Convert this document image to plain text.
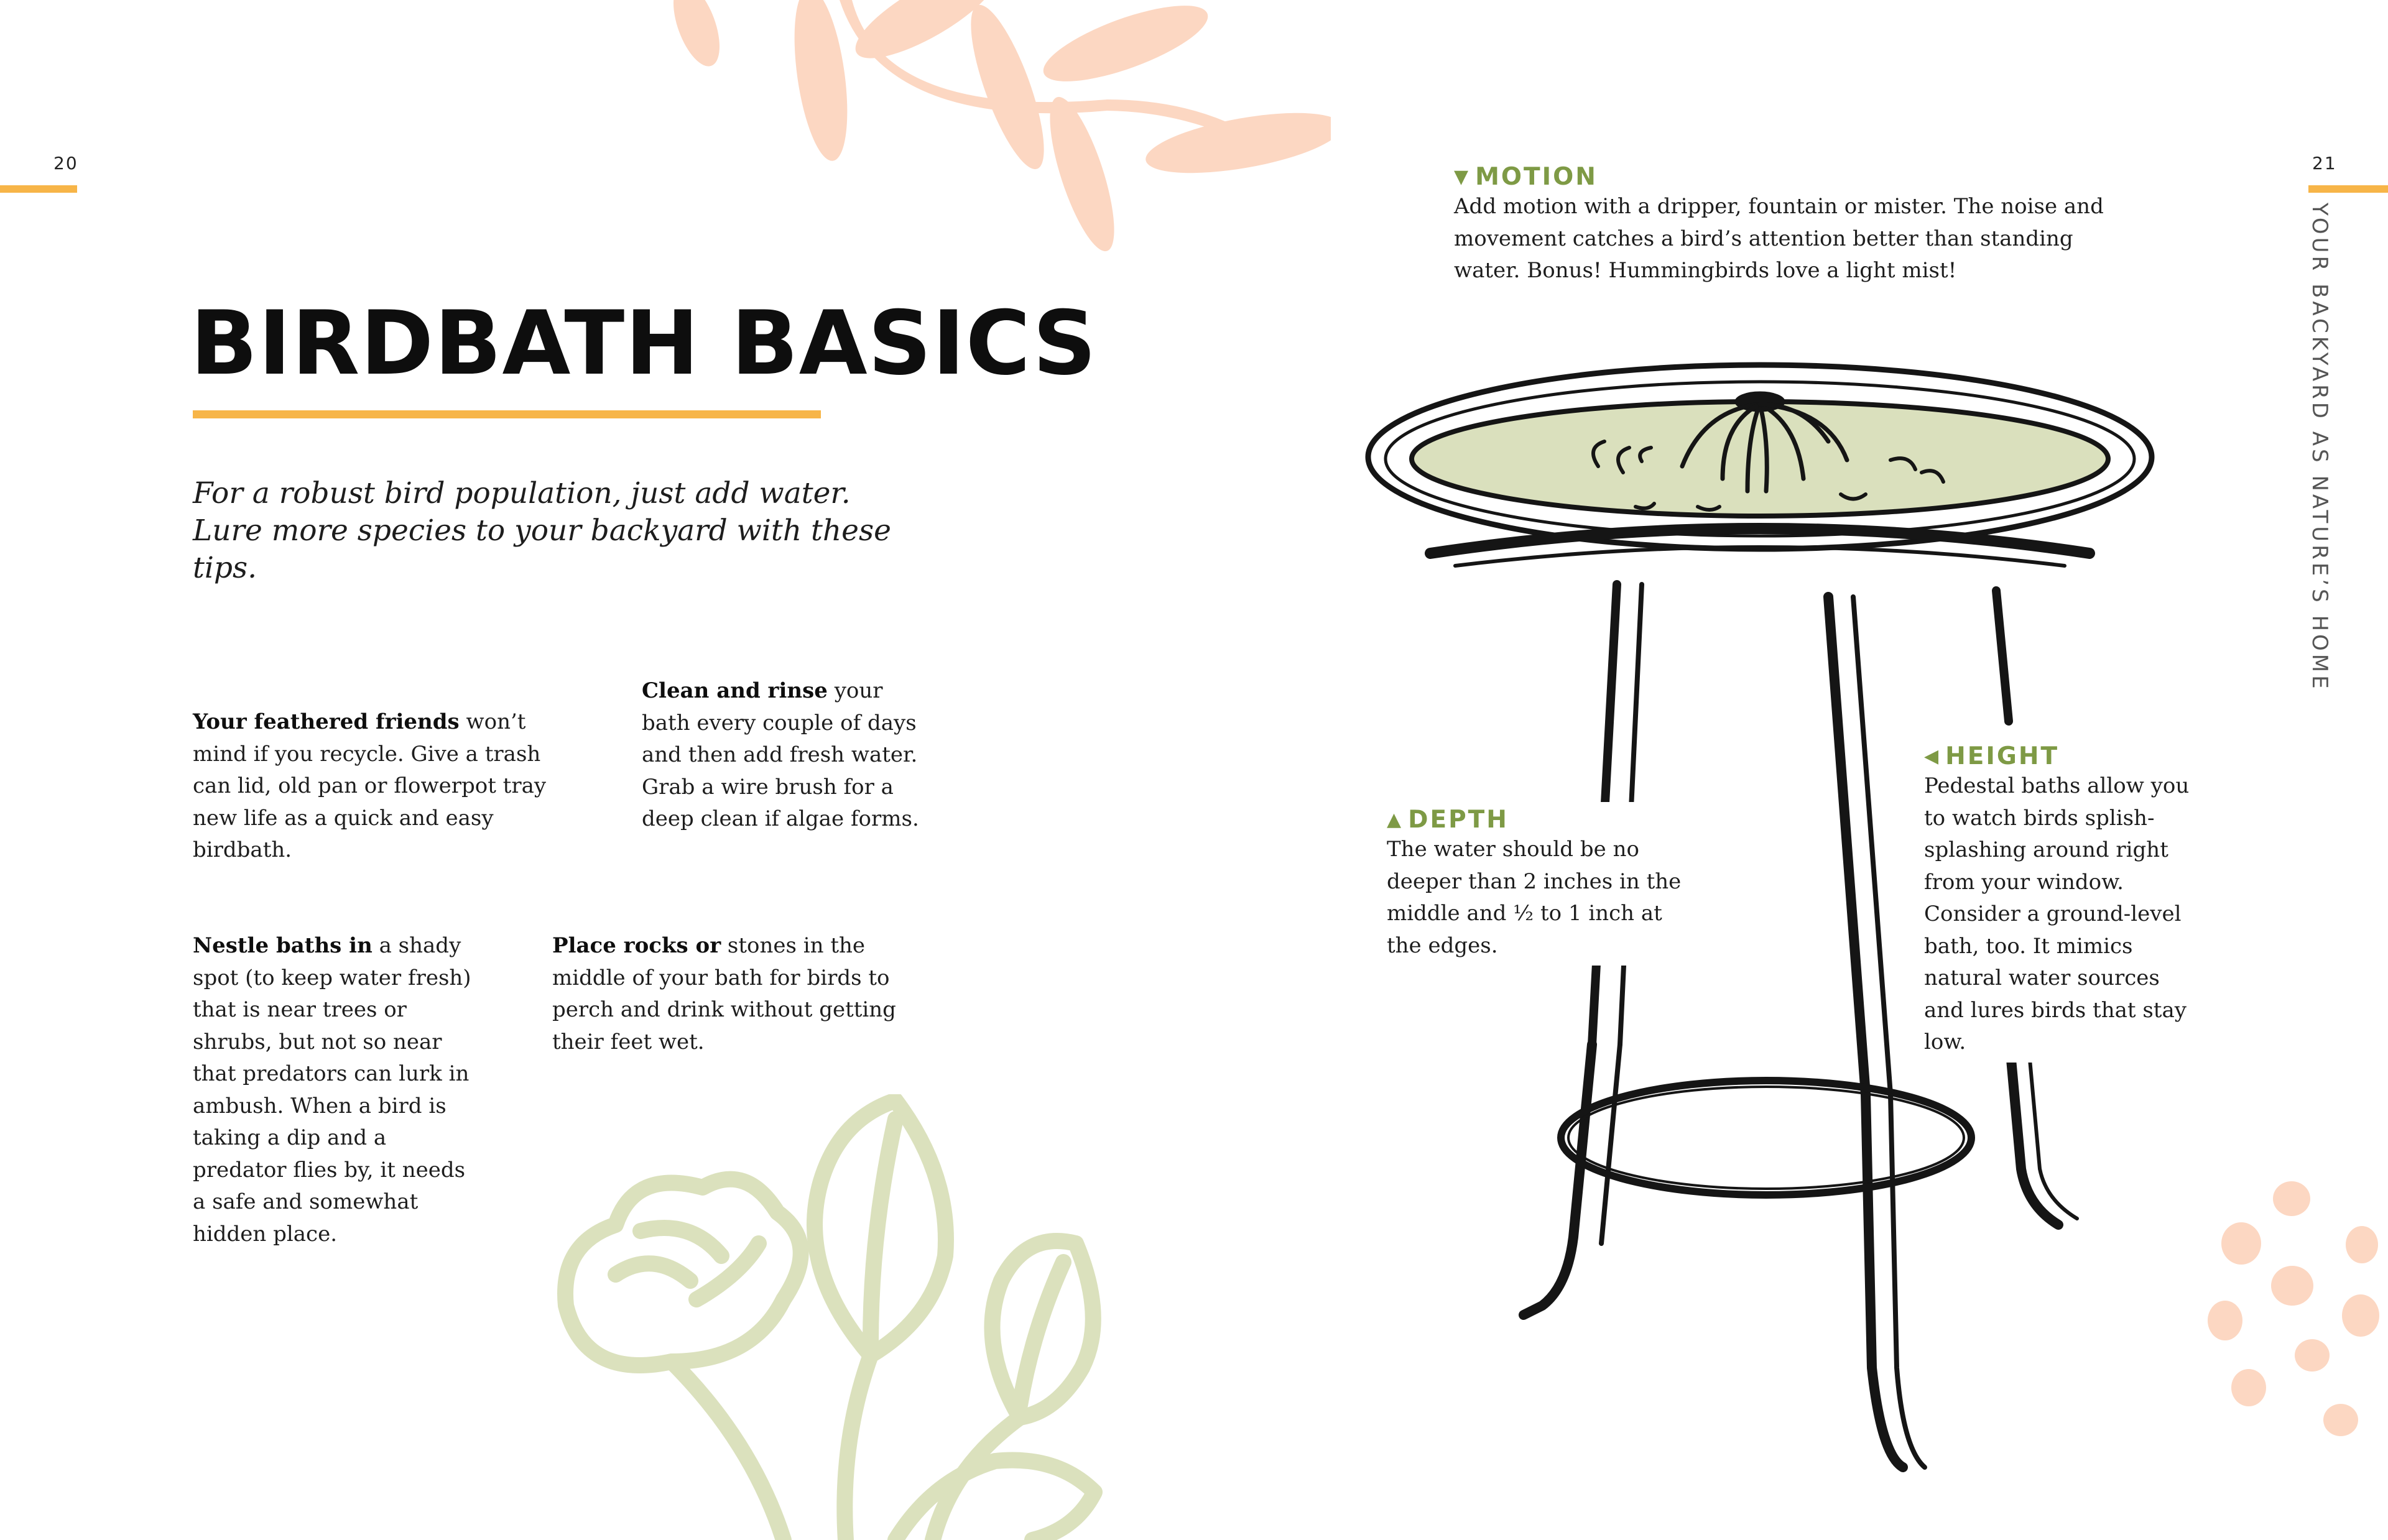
20
BIRDBATH BASICS
For a robust bird population, just add water. Lure more species to your backyard with these tips.
Your feathered friends won’t mind if you recycle. Give a trash can lid, old pan or flowerpot tray new life as a quick and easy birdbath.
Clean and rinse your bath every couple of days and then add fresh water. Grab a wire brush for a deep clean if algae forms.
Nestle baths in a shady spot (to keep water fresh) that is near trees or shrubs, but not so near that predators can lurk in ambush. When a bird is taking a dip and a predator flies by, it needs a safe and somewhat hidden place.
Place rocks or stones in the middle of your bath for birds to perch and drink without getting their feet wet.
21
YOUR BACKYARD AS NATURE’S HOME
▼ MOTION
Add motion with a dripper, fountain or mister. The noise and movement catches a bird’s attention better than standing water. Bonus! Hummingbirds love a light mist!
▲ DEPTH
The water should be no deeper than 2 inches in the middle and ½ to 1 inch at the edges.
◀ HEIGHT
Pedestal baths allow you to watch birds splish-splashing around right from your window. Consider a ground-level bath, too. It mimics natural water sources and lures birds that stay low.
